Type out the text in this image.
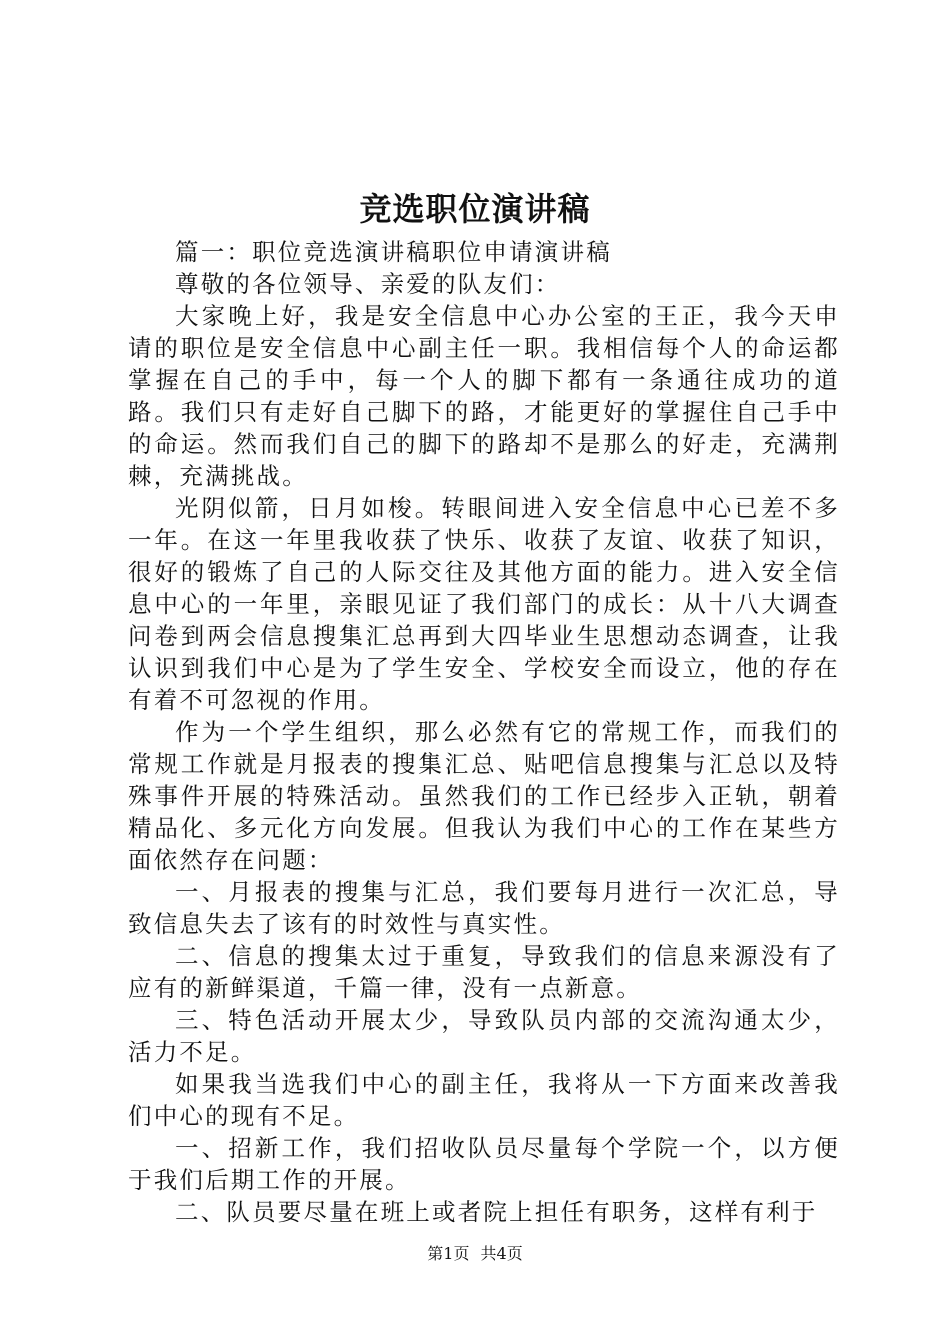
竞选职位演讲稿

篇一：职位竞选演讲稿职位申请演讲稿

尊敬的各位领导、亲爱的队友们：

大家晚上好，我是安全信息中心办公室的王正，我今天申请的职位是安全信息中心副主任一职。我相信每个人的命运都掌握在自己的手中，每一个人的脚下都有一条通往成功的道路。我们只有走好自己脚下的路，才能更好的掌握住自己手中的命运。然而我们自己的脚下的路却不是那么的好走，充满荆棘，充满挑战。

光阴似箭，日月如梭。转眼间进入安全信息中心已差不多一年。在这一年里我收获了快乐、收获了友谊、收获了知识，很好的锻炼了自己的人际交往及其他方面的能力。进入安全信息中心的一年里，亲眼见证了我们部门的成长：从十八大调查问卷到两会信息搜集汇总再到大四毕业生思想动态调查，让我认识到我们中心是为了学生安全、学校安全而设立，他的存在有着不可忽视的作用。

作为一个学生组织，那么必然有它的常规工作，而我们的常规工作就是月报表的搜集汇总、贴吧信息搜集与汇总以及特殊事件开展的特殊活动。虽然我们的工作已经步入正轨，朝着精品化、多元化方向发展。但我认为我们中心的工作在某些方面依然存在问题：

一、月报表的搜集与汇总，我们要每月进行一次汇总，导致信息失去了该有的时效性与真实性。

二、信息的搜集太过于重复，导致我们的信息来源没有了应有的新鲜渠道，千篇一律，没有一点新意。

三、特色活动开展太少，导致队员内部的交流沟通太少，活力不足。

如果我当选我们中心的副主任，我将从一下方面来改善我们中心的现有不足。

一、招新工作，我们招收队员尽量每个学院一个，以方便于我们后期工作的开展。

二、队员要尽量在班上或者院上担任有职务，这样有利于

第1页 共4页
